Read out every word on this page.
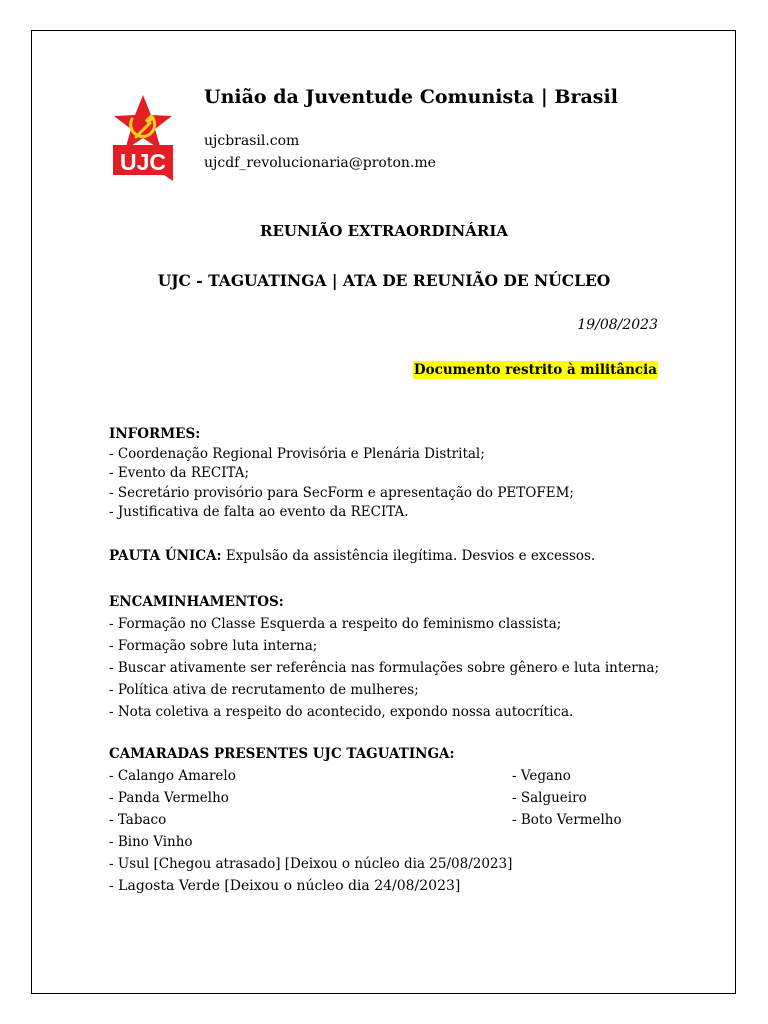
UJC
União da Juventude Comunista | Brasil
ujcbrasil.com
ujcdf_revolucionaria@proton.me
REUNIÃO EXTRAORDINÁRIA
UJC - TAGUATINGA | ATA DE REUNIÃO DE NÚCLEO
19/08/2023
Documento restrito à militância
INFORMES:
- Coordenação Regional Provisória e Plenária Distrital;
- Evento da RECITA;
- Secretário provisório para SecForm e apresentação do PETOFEM;
- Justificativa de falta ao evento da RECITA.
PAUTA ÚNICA: Expulsão da assistência ilegítima. Desvios e excessos.
ENCAMINHAMENTOS:
- Formação no Classe Esquerda a respeito do feminismo classista;
- Formação sobre luta interna;
- Buscar ativamente ser referência nas formulações sobre gênero e luta interna;
- Política ativa de recrutamento de mulheres;
- Nota coletiva a respeito do acontecido, expondo nossa autocrítica.
CAMARADAS PRESENTES UJC TAGUATINGA:
- Calango Amarelo
- Panda Vermelho
- Tabaco
- Bino Vinho
- Usul [Chegou atrasado] [Deixou o núcleo dia 25/08/2023]
- Lagosta Verde [Deixou o núcleo dia 24/08/2023]
- Vegano
- Salgueiro
- Boto Vermelho
